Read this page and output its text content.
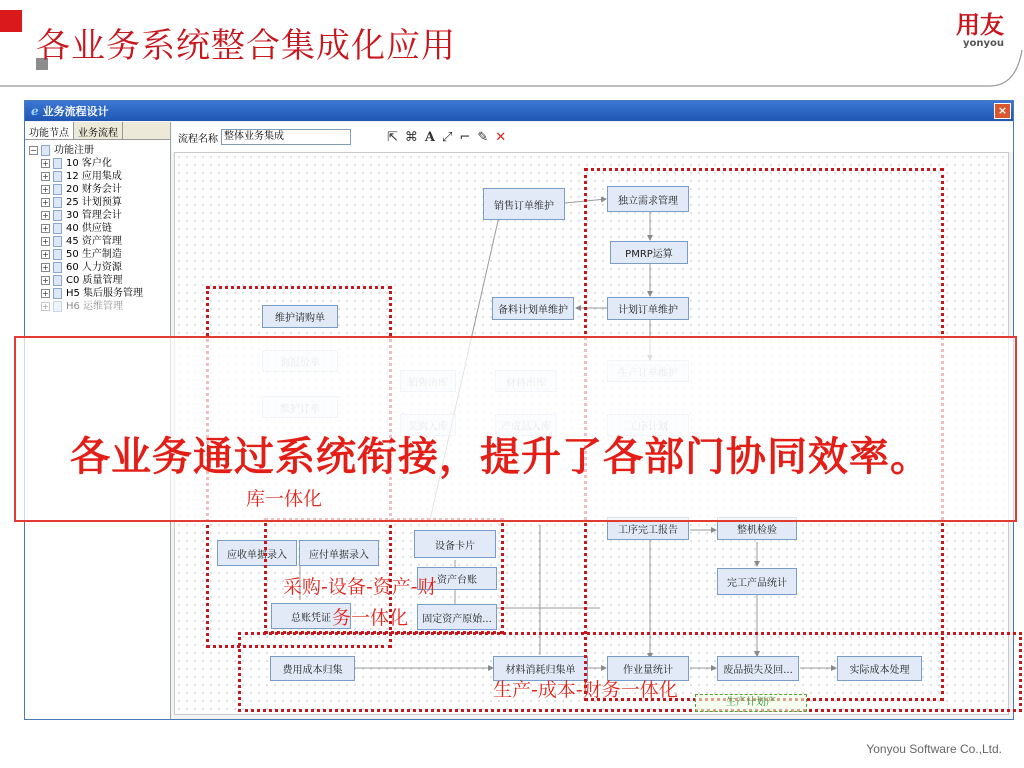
各业务系统整合集成化应用
用友
yonyou
ℯ 业务流程设计	×
功能节点 业务流程
− 功能注册
+ 10 客户化
+ 12 应用集成
+ 20 财务会计
+ 25 计划预算
+ 30 管理会计
+ 40 供应链
+ 45 资产管理
+ 50 生产制造
+ 60 人力资源
+ C0 质量管理
+ H5 集后服务管理
+ H6 运维管理
流程名称 整体业务集成	⇱ ⌘ A ⤢ ⌐ ✎ ✕
销售订单维护	独立需求管理
PMRP运算
备料计划单维护	计划订单维护
维护请购单
工序完工报告	整机检验
设备卡片
应收单据录入	应付单据录入
资产台账	完工产品统计
总账凭证	固定资产原始...
费用成本归集	材料消耗归集单	作业量统计	废品损失及回...	实际成本处理
生产计划产
各业务通过系统衔接，提升了各部门协同效率。
库一体化
采购-设备-资产-财
务一体化
生产-成本-财务一体化
Yonyou Software Co.,Ltd.
